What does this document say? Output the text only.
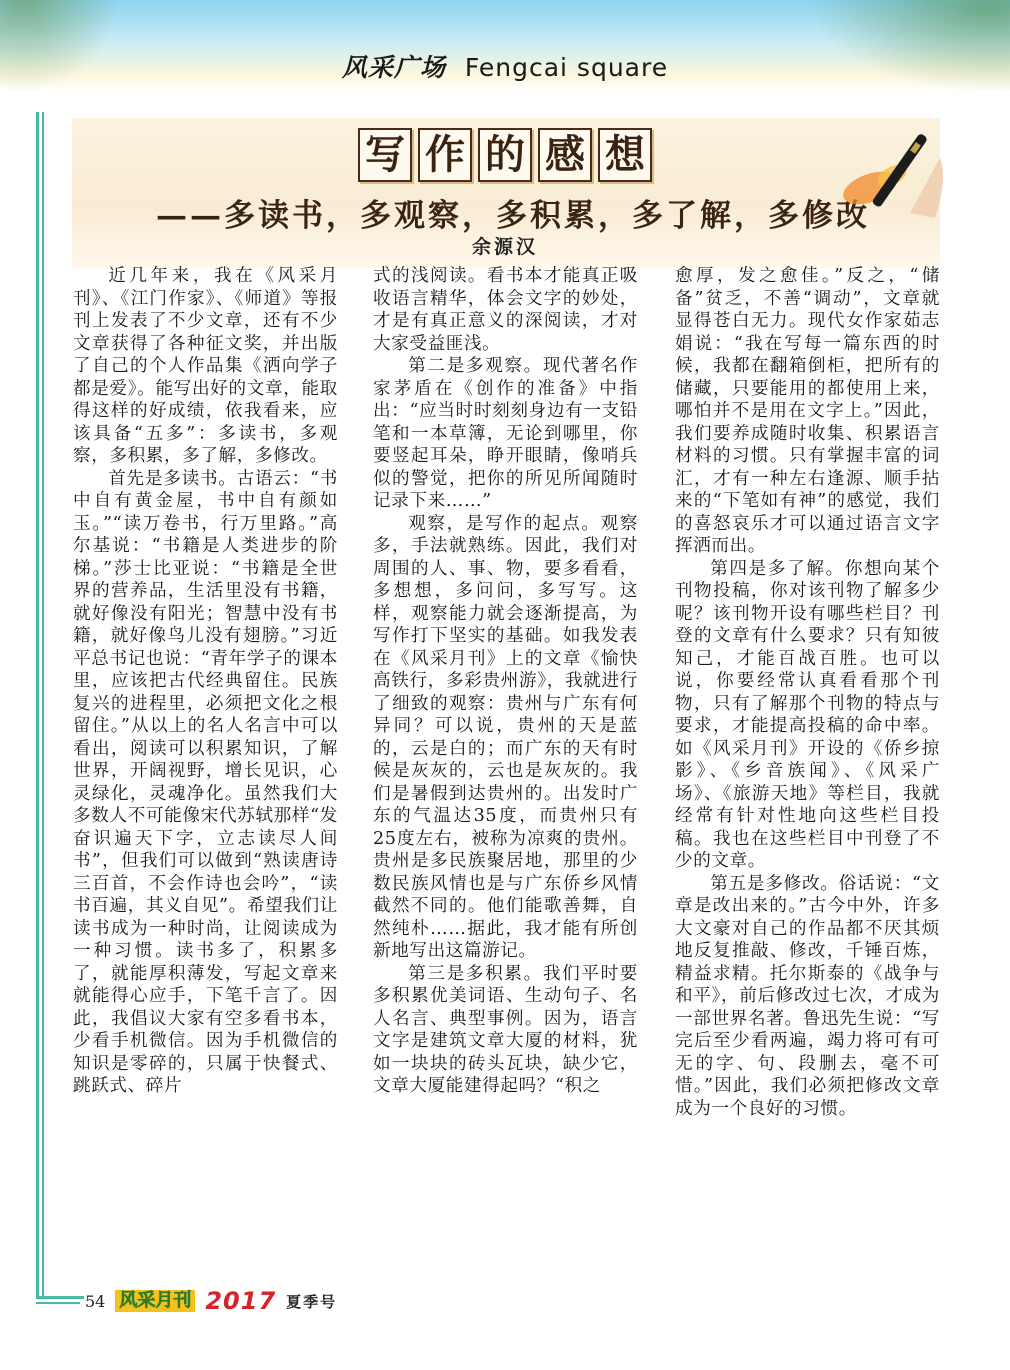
风采广场 Fengcai square
写 作 的 感 想
——多读书，多观察，多积累，多了解，多修改
余源汉

近几年来，我在《风采月刊》、《江门作家》、《师道》等报刊上发表了不少文章，还有不少文章获得了各种征文奖，并出版了自己的个人作品集《洒向学子都是爱》。能写出好的文章，能取得这样的好成绩，依我看来，应该具备“五多”：多读书，多观察，多积累，多了解，多修改。

首先是多读书。古语云：“书中自有黄金屋，书中自有颜如玉。”“读万卷书，行万里路。”高尔基说：“书籍是人类进步的阶梯。”莎士比亚说：“书籍是全世界的营养品，生活里没有书籍，就好像没有阳光；智慧中没有书籍，就好像鸟儿没有翅膀。”习近平总书记也说：“青年学子的课本里，应该把古代经典留住。民族复兴的进程里，必须把文化之根留住。”从以上的名人名言中可以看出，阅读可以积累知识，了解世界，开阔视野，增长见识，心灵绿化，灵魂净化。虽然我们大多数人不可能像宋代苏轼那样“发奋识遍天下字，立志读尽人间书”，但我们可以做到“熟读唐诗三百首，不会作诗也会吟”，“读书百遍，其义自见”。希望我们让读书成为一种时尚，让阅读成为一种习惯。读书多了，积累多了，就能厚积薄发，写起文章来就能得心应手，下笔千言了。因此，我倡议大家有空多看书本，少看手机微信。因为手机微信的知识是零碎的，只属于快餐式、跳跃式、碎片

式的浅阅读。看书本才能真正吸收语言精华，体会文字的妙处，才是有真正意义的深阅读，才对大家受益匪浅。

第二是多观察。现代著名作家茅盾在《创作的准备》中指出：“应当时时刻刻身边有一支铅笔和一本草簿，无论到哪里，你要竖起耳朵，睁开眼睛，像哨兵似的警觉，把你的所见所闻随时记录下来……”

观察，是写作的起点。观察多，手法就熟练。因此，我们对周围的人、事、物，要多看看，多想想，多问问，多写写。这样，观察能力就会逐渐提高，为写作打下坚实的基础。如我发表在《风采月刊》上的文章《愉快高铁行，多彩贵州游》，我就进行了细致的观察：贵州与广东有何异同？可以说，贵州的天是蓝的，云是白的；而广东的天有时候是灰灰的，云也是灰灰的。我们是暑假到达贵州的。出发时广东的气温达35度，而贵州只有25度左右，被称为凉爽的贵州。贵州是多民族聚居地，那里的少数民族风情也是与广东侨乡风情截然不同的。他们能歌善舞，自然纯朴……据此，我才能有所创新地写出这篇游记。

第三是多积累。我们平时要多积累优美词语、生动句子、名人名言、典型事例。因为，语言文字是建筑文章大厦的材料，犹如一块块的砖头瓦块，缺少它，文章大厦能建得起吗？“积之

愈厚，发之愈佳。”反之，“储备”贫乏，不善“调动”，文章就显得苍白无力。现代女作家茹志娟说：“我在写每一篇东西的时候，我都在翻箱倒柜，把所有的储藏，只要能用的都使用上来，哪怕并不是用在文字上。”因此，我们要养成随时收集、积累语言材料的习惯。只有掌握丰富的词汇，才有一种左右逢源、顺手拈来的“下笔如有神”的感觉，我们的喜怒哀乐才可以通过语言文字挥洒而出。

第四是多了解。你想向某个刊物投稿，你对该刊物了解多少呢？该刊物开设有哪些栏目？刊登的文章有什么要求？只有知彼知己，才能百战百胜。也可以说，你要经常认真看看那个刊物，只有了解那个刊物的特点与要求，才能提高投稿的命中率。如《风采月刊》开设的《侨乡掠影》、《乡音族闻》、《风采广场》、《旅游天地》等栏目，我就经常有针对性地向这些栏目投稿。我也在这些栏目中刊登了不少的文章。

第五是多修改。俗话说：“文章是改出来的。”古今中外，许多大文豪对自己的作品都不厌其烦地反复推敲、修改，千锤百炼，精益求精。托尔斯泰的《战争与和平》，前后修改过七次，才成为一部世界名著。鲁迅先生说：“写完后至少看两遍，竭力将可有可无的字、句、段删去，毫不可惜。”因此，我们必须把修改文章成为一个良好的习惯。

54 风采月刊 2017 夏季号
